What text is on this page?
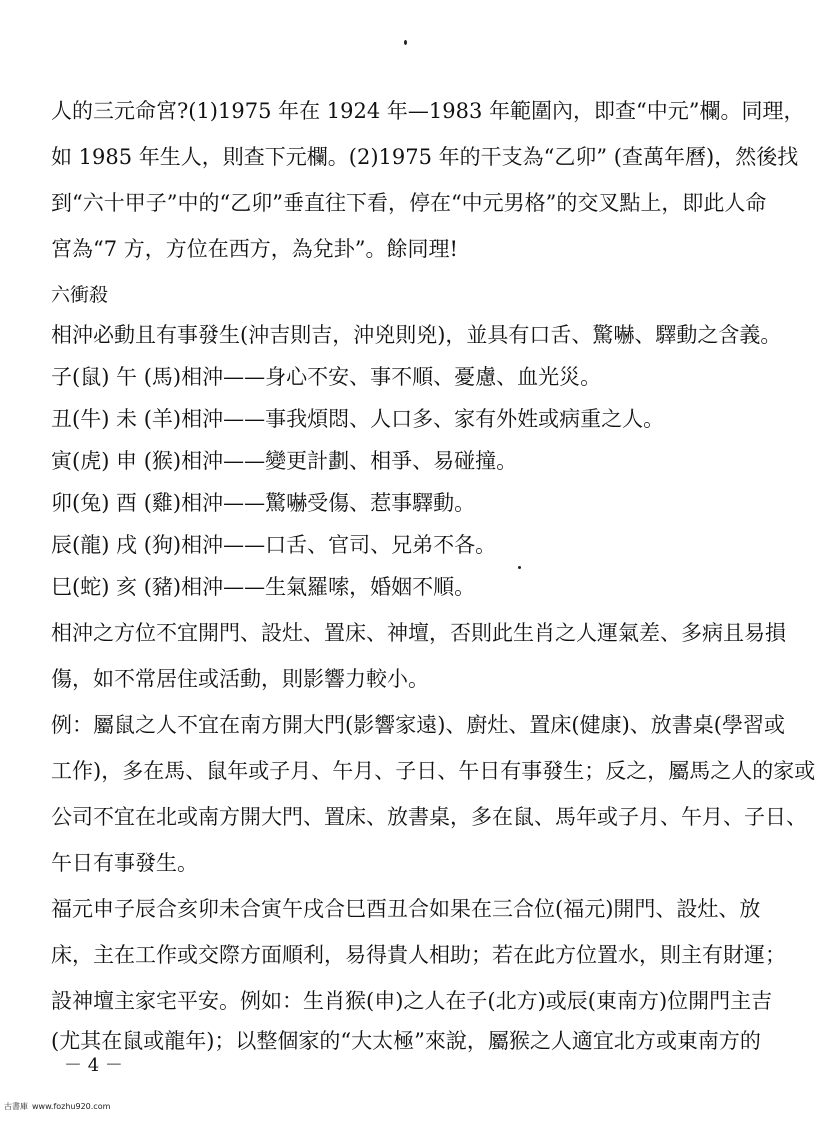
人的三元命宮?(1)1975 年在 1924 年—1983 年範圍內，即查“中元”欄。同理，
如 1985 年生人，則查下元欄。(2)1975 年的干支為“乙卯” (查萬年曆)，然後找
到“六十甲子”中的“乙卯”垂直往下看，停在“中元男格”的交叉點上，即此人命
宮為“7 方，方位在西方，為兌卦”。餘同理!
六衝殺
相沖必動且有事發生(沖吉則吉，沖兇則兇)，並具有口舌、驚嚇、驛動之含義。
子(鼠) 午 (馬)相沖——身心不安、事不順、憂慮、血光災。
丑(牛) 未 (羊)相沖——事我煩悶、人口多、家有外姓或病重之人。
寅(虎) 申 (猴)相沖——變更計劃、相爭、易碰撞。
卯(兔) 酉 (雞)相沖——驚嚇受傷、惹事驛動。
辰(龍) 戌 (狗)相沖——口舌、官司、兄弟不各。
巳(蛇) 亥 (豬)相沖——生氣羅嗦，婚姻不順。
相沖之方位不宜開門、設灶、置床、神壇，否則此生肖之人運氣差、多病且易損
傷，如不常居住或活動，則影響力較小。
例：屬鼠之人不宜在南方開大門(影響家遠)、廚灶、置床(健康)、放書桌(學習或
工作)，多在馬、鼠年或子月、午月、子日、午日有事發生；反之，屬馬之人的家或
公司不宜在北或南方開大門、置床、放書桌，多在鼠、馬年或子月、午月、子日、
午日有事發生。
福元申子辰合亥卯未合寅午戌合巳酉丑合如果在三合位(福元)開門、設灶、放
床，主在工作或交際方面順利，易得貴人相助；若在此方位置水，則主有財運；
設神壇主家宅平安。例如：生肖猴(申)之人在子(北方)或辰(東南方)位開門主吉
(尤其在鼠或龍年)；以整個家的“大太極”來說，屬猴之人適宜北方或東南方的
－ 4 －
古書庫 www.fozhu920.com
